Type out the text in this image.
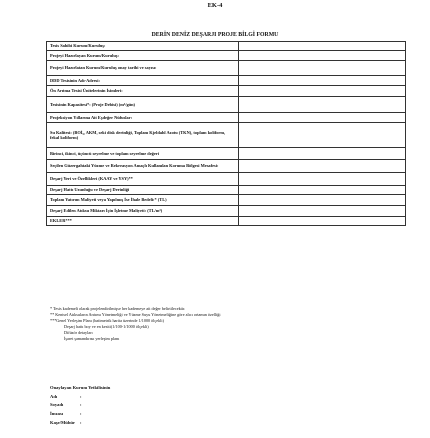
EK-4
DERİN DENİZ DEŞARJI PROJE BİLGİ FORMU
Tesis Sahibi Kurum/Kuruluş:	
Projeyi Hazırlayan Kurum/Kuruluş:	
Projeyi Hazırlatan Kurum/Kuruluş onay tarihi ve sayısı:	
DDD Tesisinin Adı-Adresi:	
Ön Arıtma Tesisi Ünitelerinin İsimleri:	
Tesisinin Kapasitesi*: (Proje Debisi) (m³/gün)	
Projeksiyon Yıllarına Ait Eşdeğer Nüfuslar:	
Su Kalitesi: (BOİ₅, AKM, seki disk derinliği, Toplam Kjeldahl Azotu (TKN), toplam koliform, fekal koliform)	
Birinci, ikinci, üçüncü seyrelme ve toplam seyrelme değeri	
Seçilen Güzergahtaki Yüzme ve Rekreasyon Amaçlı Kullanılan Koruma Bölgesi Mesafesi:	
Deşarj Yeri ve Özellikleri (KAAY ve YSY)**	
Deşarj Hattı Uzunluğu ve Deşarj Derinliği	
Toplam Yatırım Maliyeti veya Yapılmış İse İhale Bedeli:* (TL)	
Deşarj Edilen Atıksu Miktarı İçin İşletme Maliyeti: (TL/m³)	
EKLER***	
* Tesis kademeli olarak projelendirilmişse her kademeye ait değer belirtilecektir.
** Kentsel Atıksuların Arıtımı Yönetmeliği ve Yüzme Suyu Yönetmeliğine göre alıcı ortamın özelliği
***Genel Yerleşim Planı (batimetrik harita üzerinde 1/1000 ölçekli)
Deşarj hattı boy ve en kesiti(1/100-1/1000 ölçekli)
Difüzör detayları
İşaret şamandırası yerleşim planı
Onaylayan Kurum Yetkilisinin
Adı	:
Soyadı	:
İmzası	:
Kaşe/Mühür :
